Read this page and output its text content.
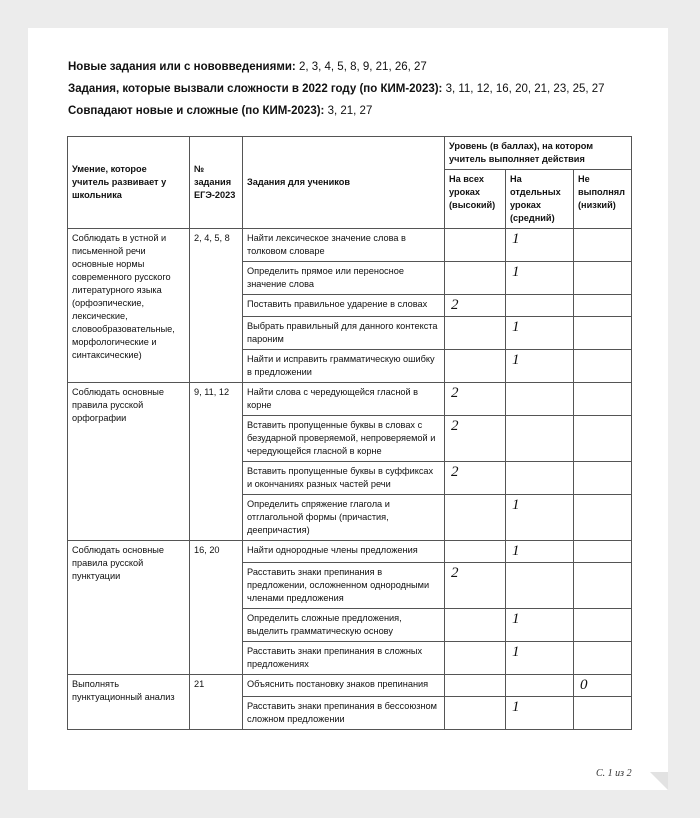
Новые задания или с нововведениями: 2, 3, 4, 5, 8, 9, 21, 26, 27

Задания, которые вызвали сложности в 2022 году (по КИМ-2023): 3, 11, 12, 16, 20, 21, 23, 25, 27

Совпадают новые и сложные (по КИМ-2023): 3, 21, 27

Умение, которое учитель развивает у школьника	№ задания ЕГЭ-2023	Задания для учеников	Уровень (в баллах), на котором учитель выполняет действия		
			На всех уроках (высокий)	На отдельных уроках (средний)	Не выполнял (низкий)
Соблюдать в устной и письменной речи основные нормы современного русского литературного языка (орфоэпические, лексические, словообразовательные, морфологические и синтаксические)	2, 4, 5, 8	Найти лексическое значение слова в толковом словаре		1	
		Определить прямое или переносное значение слова		1	
		Поставить правильное ударение в словах	2		
		Выбрать правильный для данного контекста пароним		1	
		Найти и исправить грамматическую ошибку в предложении		1	
Соблюдать основные правила русской орфографии	9, 11, 12	Найти слова с чередующейся гласной в корне	2		
		Вставить пропущенные буквы в словах с безударной проверяемой, непроверяемой и чередующейся гласной в корне	2		
		Вставить пропущенные буквы в суффиксах и окончаниях разных частей речи	2		
		Определить спряжение глагола и отглагольной формы (причастия, деепричастия)		1	
Соблюдать основные правила русской пунктуации	16, 20	Найти однородные члены предложения		1	
		Расставить знаки препинания в предложении, осложненном однородными членами предложения	2		
		Определить сложные предложения, выделить грамматическую основу		1	
		Расставить знаки препинания в сложных предложениях		1	
Выполнять пунктуационный анализ	21	Объяснить постановку знаков препинания			0
		Расставить знаки препинания в бессоюзном сложном предложении		1	
С. 1 из 2
